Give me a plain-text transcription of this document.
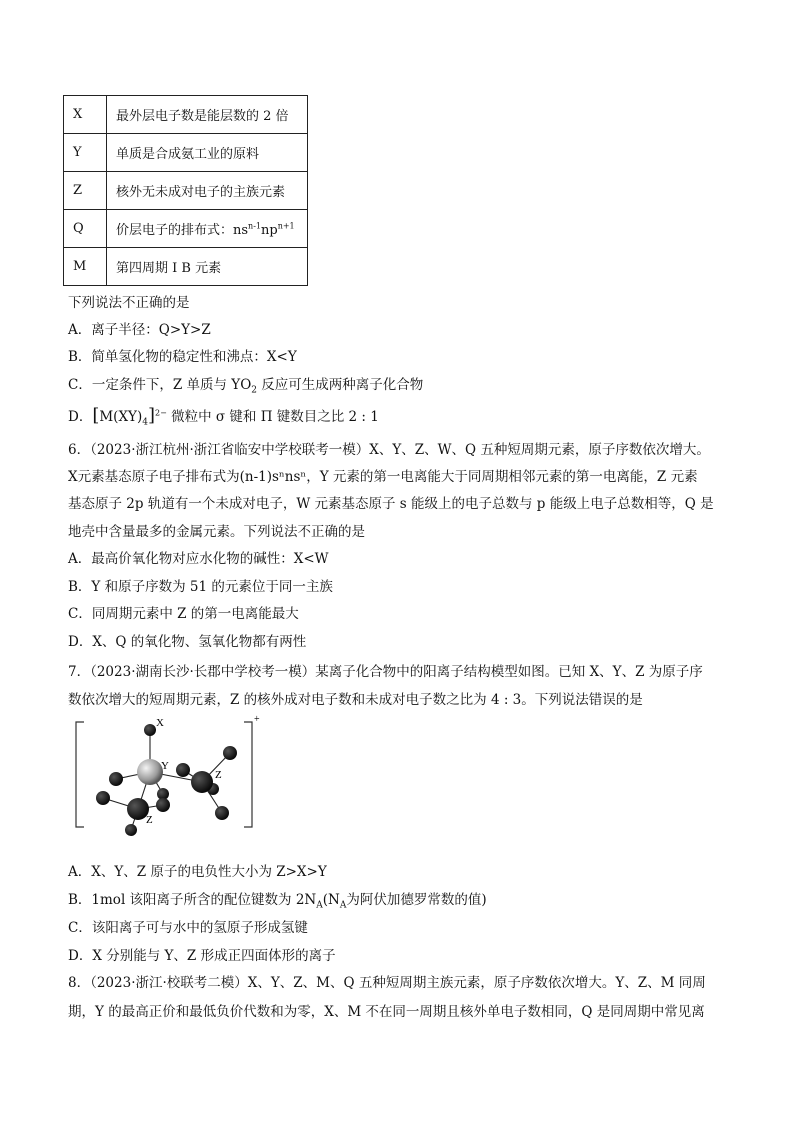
X	最外层电子数是能层数的 2 倍
Y	单质是合成氨工业的原料
Z	核外无未成对电子的主族元素
Q	价层电子的排布式：$ns^{n-1}np^{n+1}$
M	第四周期 I B 元素
下列说法不正确的是
A．离子半径：Q>Y>Z
B．简单氢化物的稳定性和沸点：X<Y
C．一定条件下，Z 单质与 $YO_2$ 反应可生成两种离子化合物
D．$[M(XY)_4]^{2-}$ 微粒中 σ 键和 Π 键数目之比 2 : 1
6．（2023·浙江杭州·浙江省临安中学校联考一模）X、Y、Z、W、Q 五种短周期元素，原子序数依次增大。
X元素基态原子电子排布式为(n-1)sⁿnsⁿ，Y 元素的第一电离能大于同周期相邻元素的第一电离能，Z 元素
基态原子 2p 轨道有一个未成对电子，W 元素基态原子 s 能级上的电子总数与 p 能级上电子总数相等，Q 是
地壳中含量最多的金属元素。下列说法不正确的是
A．最高价氧化物对应水化物的碱性：X<W
B．Y 和原子序数为 51 的元素位于同一主族
C．同周期元素中 Z 的第一电离能最大
D．X、Q 的氧化物、氢氧化物都有两性
7．（2023·湖南长沙·长郡中学校考一模）某离子化合物中的阳离子结构模型如图。已知 X、Y、Z 为原子序
数依次增大的短周期元素，Z 的核外成对电子数和未成对电子数之比为 4 : 3。下列说法错误的是
X
Y
Z
Z
+
A．X、Y、Z 原子的电负性大小为 Z>X>Y
B．1mol 该阳离子所含的配位键数为 $2N_A(N_A$为阿伏加德罗常数的值)
C．该阳离子可与水中的氢原子形成氢键
D．X 分别能与 Y、Z 形成正四面体形的离子
8．（2023·浙江·校联考二模）X、Y、Z、M、Q 五种短周期主族元素，原子序数依次增大。Y、Z、M 同周
期，Y 的最高正价和最低负价代数和为零，X、M 不在同一周期且核外单电子数相同，Q 是同周期中常见离
